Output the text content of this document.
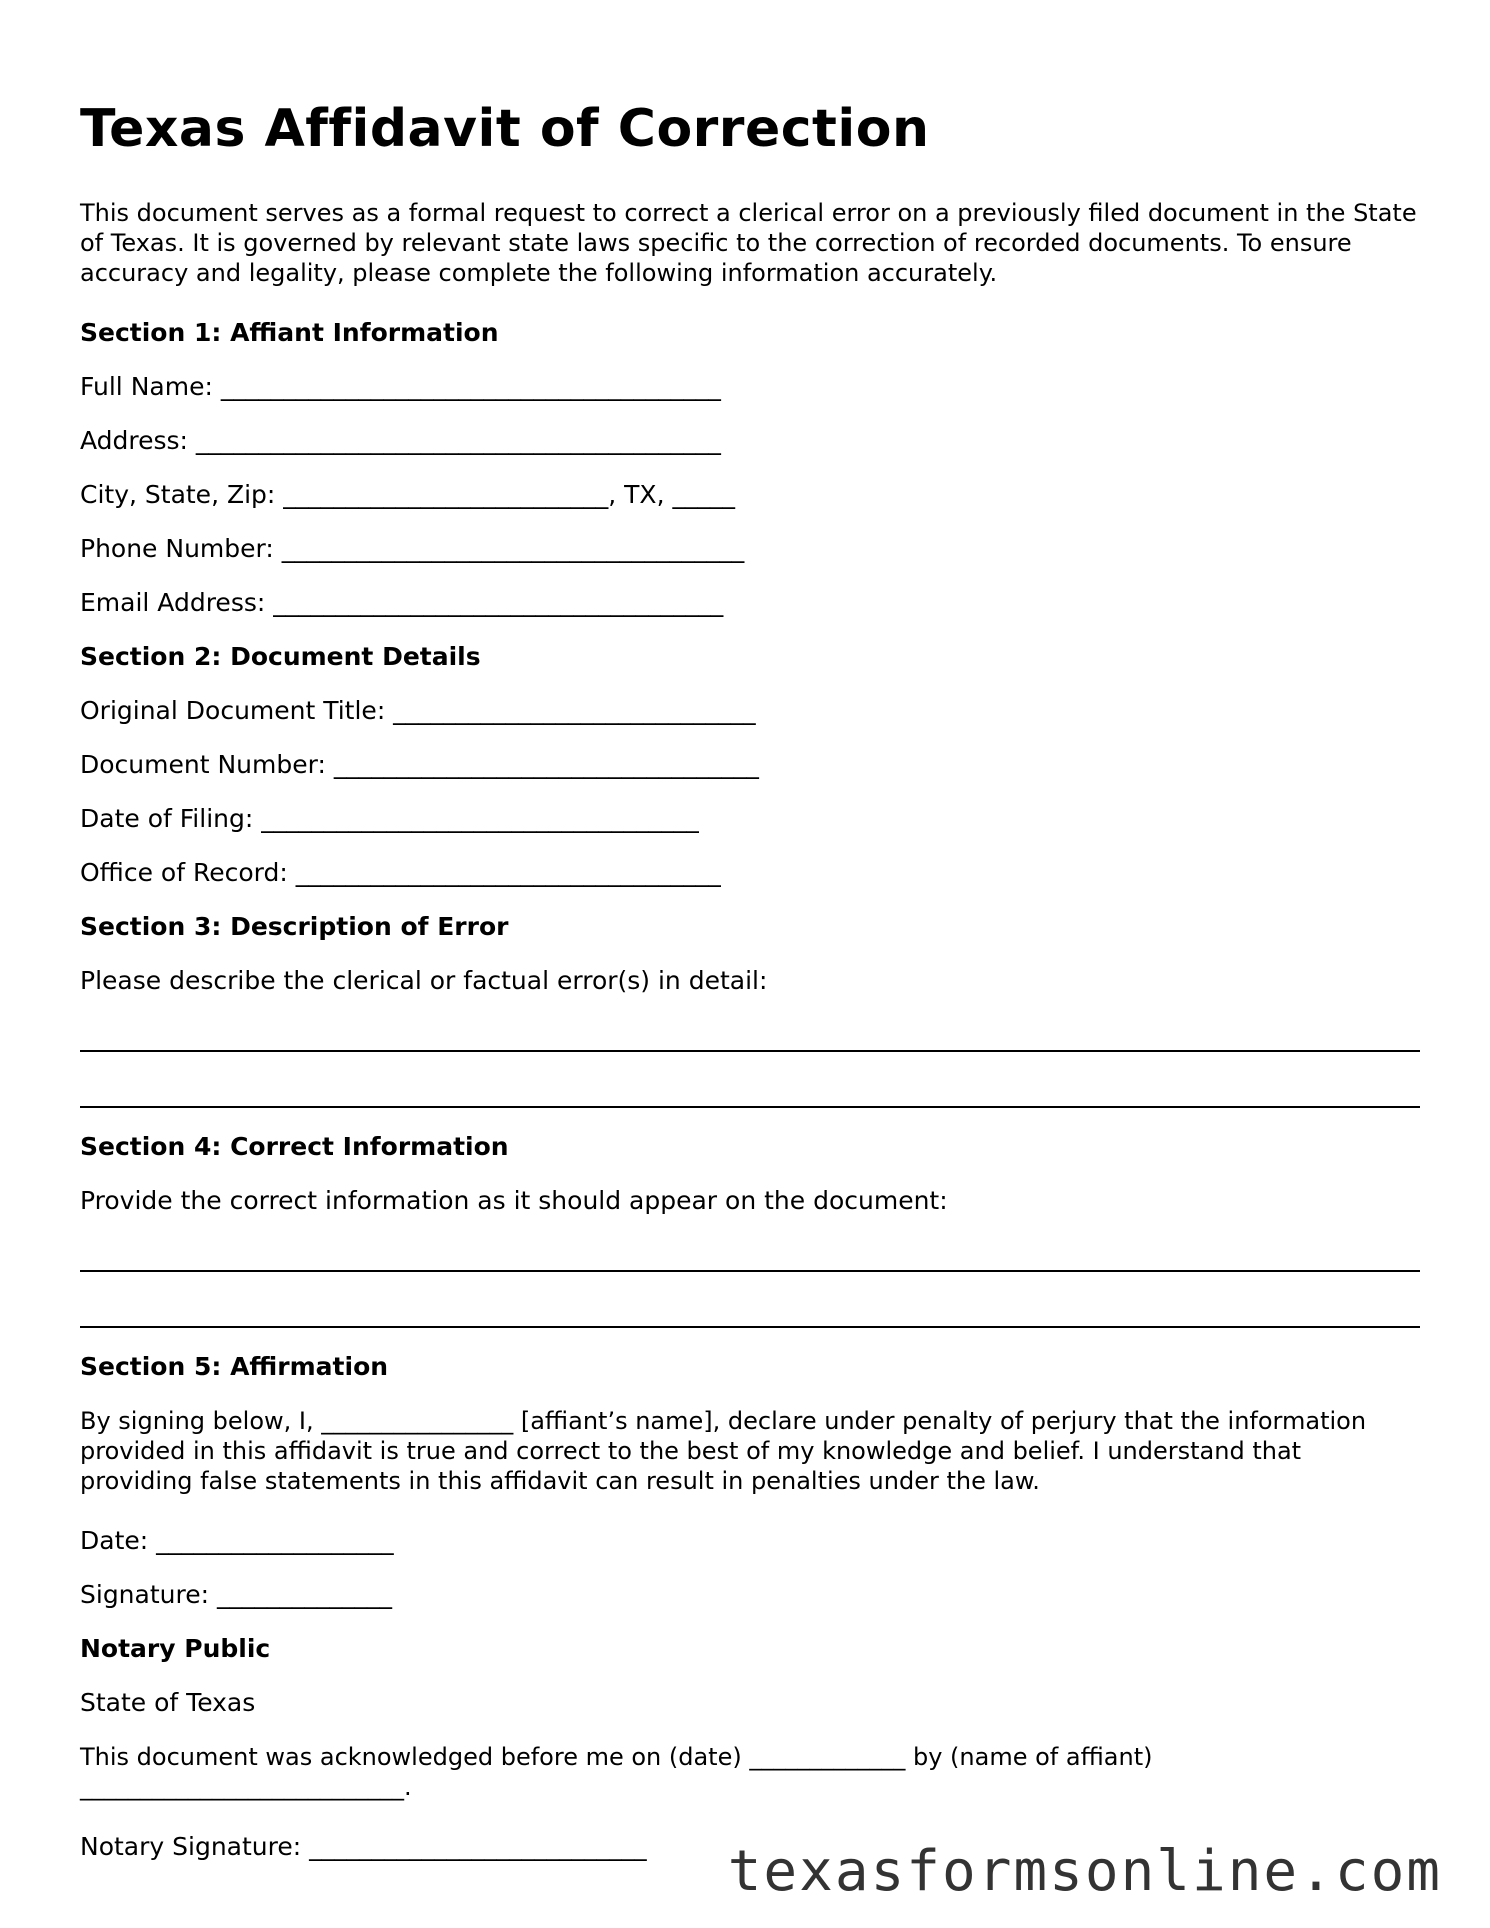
Texas Affidavit of Correction

This document serves as a formal request to correct a clerical error on a previously filed document in the State of Texas. It is governed by relevant state laws specific to the correction of recorded documents. To ensure accuracy and legality, please complete the following information accurately.

Section 1: Affiant Information
Full Name: ________________________________________
Address: __________________________________________
City, State, Zip: __________________________, TX, _____
Phone Number: _____________________________________
Email Address: ____________________________________
Section 2: Document Details
Original Document Title: _____________________________
Document Number: __________________________________
Date of Filing: ___________________________________
Office of Record: __________________________________
Section 3: Description of Error
Please describe the clerical or factual error(s) in detail:
Section 4: Correct Information
Provide the correct information as it should appear on the document:
Section 5: Affirmation

By signing below, I, ________________ [affiant’s name], declare under penalty of perjury that the information provided in this affidavit is true and correct to the best of my knowledge and belief. I understand that providing false statements in this affidavit can result in penalties under the law.

Date: ___________________
Signature: ______________
Notary Public
State of Texas

This document was acknowledged before me on (date) _____________ by (name of affiant) ___________________________.

Notary Signature: ___________________________	texasformsonline.com
